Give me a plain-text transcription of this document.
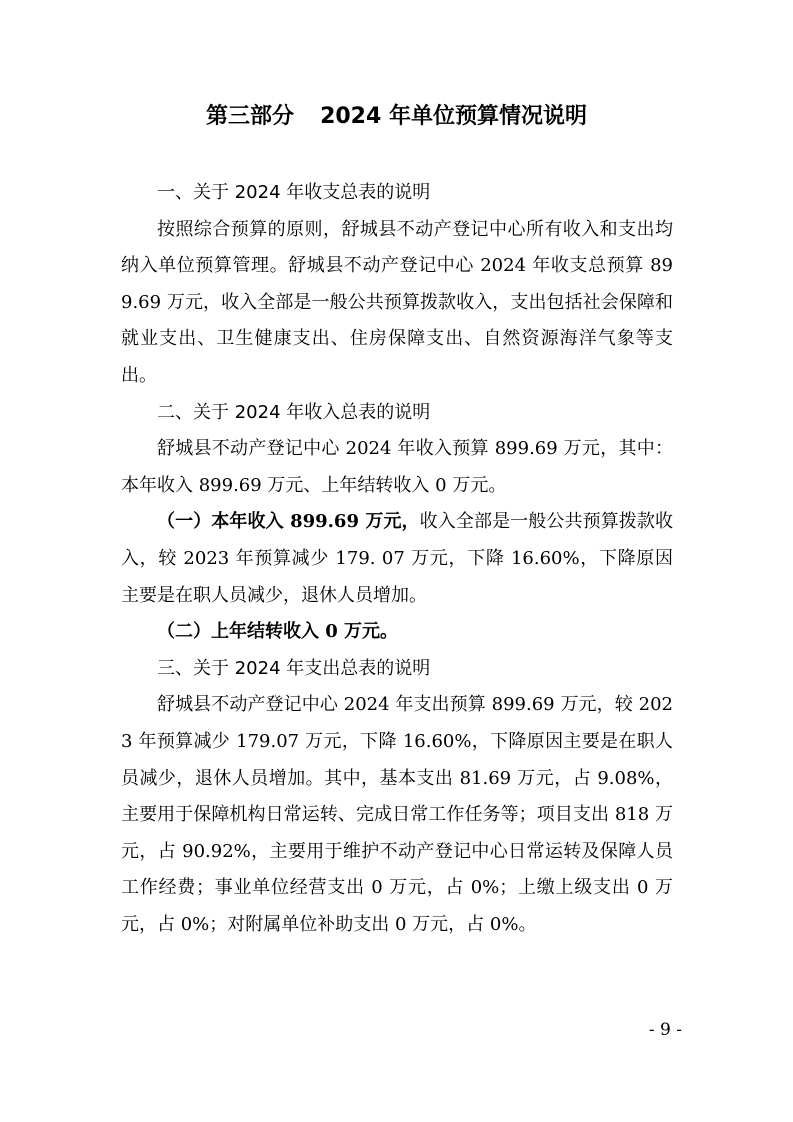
第三部分 2024 年单位预算情况说明

一、关于 2024 年收支总表的说明

按照综合预算的原则，舒城县不动产登记中心所有收入和支出均纳入单位预算管理。舒城县不动产登记中心 2024 年收支总预算 899.69 万元，收入全部是一般公共预算拨款收入，支出包括社会保障和就业支出、卫生健康支出、住房保障支出、自然资源海洋气象等支出。

二、关于 2024 年收入总表的说明

舒城县不动产登记中心 2024 年收入预算 899.69 万元，其中：本年收入 899.69 万元、上年结转收入 0 万元。

（一）本年收入 899.69 万元，收入全部是一般公共预算拨款收入，较 2023 年预算减少 179. 07 万元，下降 16.60%，下降原因主要是在职人员减少，退休人员增加。

（二）上年结转收入 0 万元。

三、关于 2024 年支出总表的说明

舒城县不动产登记中心 2024 年支出预算 899.69 万元，较 2023 年预算减少 179.07 万元，下降 16.60%，下降原因主要是在职人员减少，退休人员增加。其中，基本支出 81.69 万元，占 9.08%，主要用于保障机构日常运转、完成日常工作任务等；项目支出 818 万元，占 90.92%，主要用于维护不动产登记中心日常运转及保障人员工作经费；事业单位经营支出 0 万元，占 0%；上缴上级支出 0 万元，占 0%；对附属单位补助支出 0 万元，占 0%。

- 9 -
